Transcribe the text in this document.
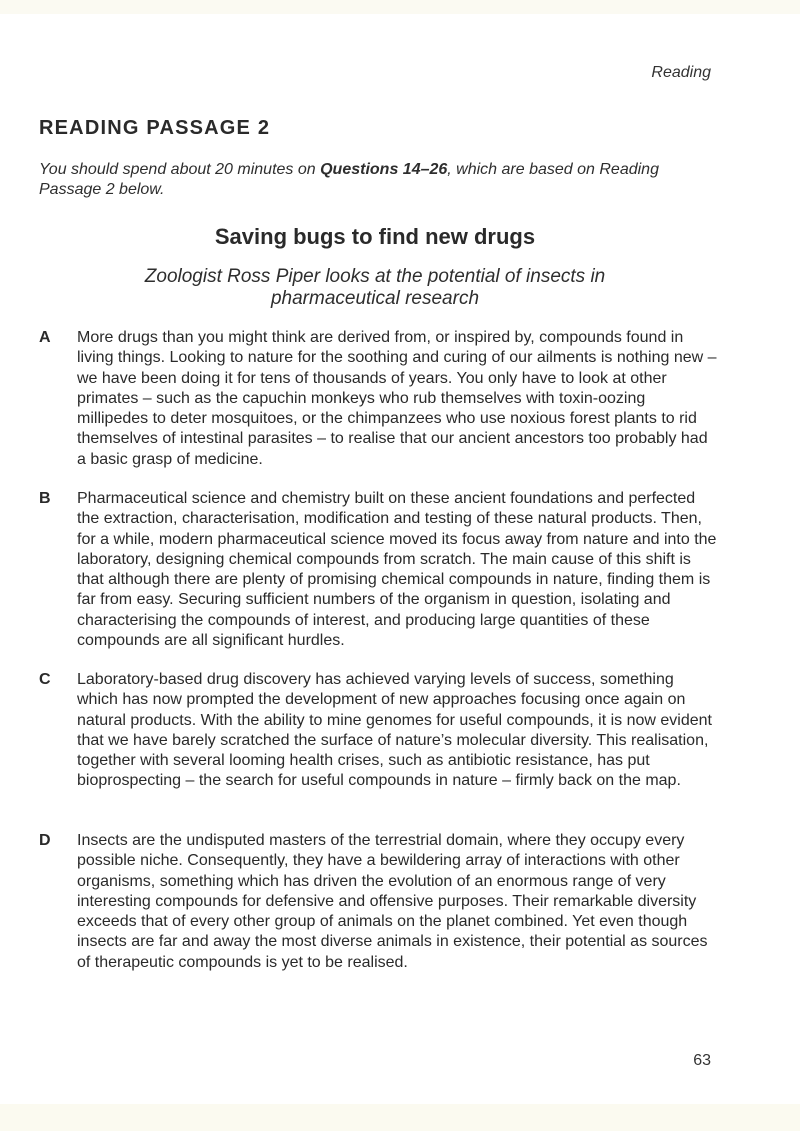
Reading
READING PASSAGE 2
You should spend about 20 minutes on Questions 14–26, which are based on Reading Passage 2 below.
Saving bugs to find new drugs
Zoologist Ross Piper looks at the potential of insects in pharmaceutical research
A	More drugs than you might think are derived from, or inspired by, compounds found in living things. Looking to nature for the soothing and curing of our ailments is nothing new – we have been doing it for tens of thousands of years. You only have to look at other primates – such as the capuchin monkeys who rub themselves with toxin-oozing millipedes to deter mosquitoes, or the chimpanzees who use noxious forest plants to rid themselves of intestinal parasites – to realise that our ancient ancestors too probably had a basic grasp of medicine.
B	Pharmaceutical science and chemistry built on these ancient foundations and perfected the extraction, characterisation, modification and testing of these natural products. Then, for a while, modern pharmaceutical science moved its focus away from nature and into the laboratory, designing chemical compounds from scratch. The main cause of this shift is that although there are plenty of promising chemical compounds in nature, finding them is far from easy. Securing sufficient numbers of the organism in question, isolating and characterising the compounds of interest, and producing large quantities of these compounds are all significant hurdles.
C	Laboratory-based drug discovery has achieved varying levels of success, something which has now prompted the development of new approaches focusing once again on natural products. With the ability to mine genomes for useful compounds, it is now evident that we have barely scratched the surface of nature’s molecular diversity. This realisation, together with several looming health crises, such as antibiotic resistance, has put bioprospecting – the search for useful compounds in nature – firmly back on the map.
D	Insects are the undisputed masters of the terrestrial domain, where they occupy every possible niche. Consequently, they have a bewildering array of interactions with other organisms, something which has driven the evolution of an enormous range of very interesting compounds for defensive and offensive purposes. Their remarkable diversity exceeds that of every other group of animals on the planet combined. Yet even though insects are far and away the most diverse animals in existence, their potential as sources of therapeutic compounds is yet to be realised.
63
